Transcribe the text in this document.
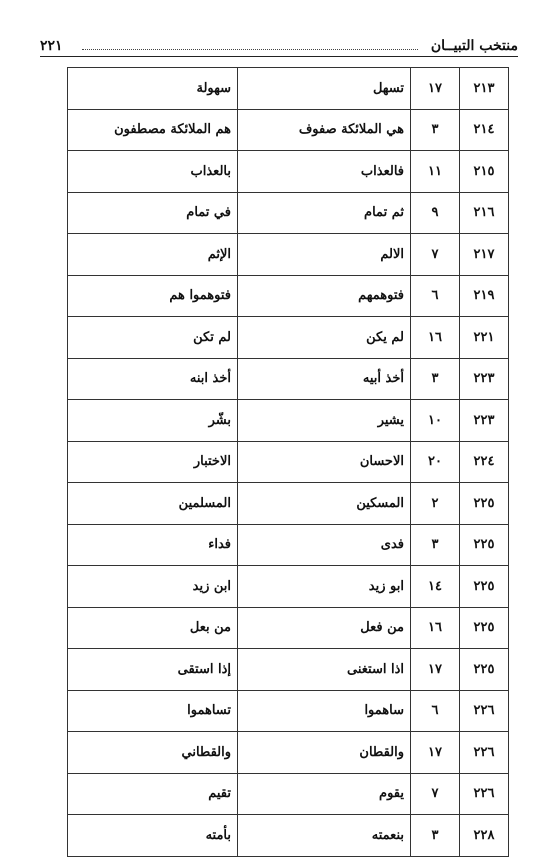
منتخب التبيــان
٢٢١
٢١٣	١٧	تسهل	سهولة
٢١٤	٣	هي الملائكة صفوف	هم الملائكة مصطفون
٢١٥	١١	فالعذاب	بالعذاب
٢١٦	٩	ثم تمام	في تمام
٢١٧	٧	الالم	الإثم
٢١٩	٦	فتوهمهم	فتوهموا هم
٢٢١	١٦	لم يكن	لم تكن
٢٢٣	٣	أخذ أبيه	أخذ ابنه
٢٢٣	١٠	يشير	بشّر
٢٢٤	٢٠	الاحسان	الاختبار
٢٢٥	٢	المسكين	المسلمين
٢٢٥	٣	فدى	فداء
٢٢٥	١٤	ابو زيد	ابن زيد
٢٢٥	١٦	من فعل	من بعل
٢٢٥	١٧	اذا استغنى	إذا استقى
٢٢٦	٦	ساهموا	تساهموا
٢٢٦	١٧	والقطان	والقطاني
٢٢٦	٧	يقوم	تقيم
٢٢٨	٣	بنعمته	بأمته
